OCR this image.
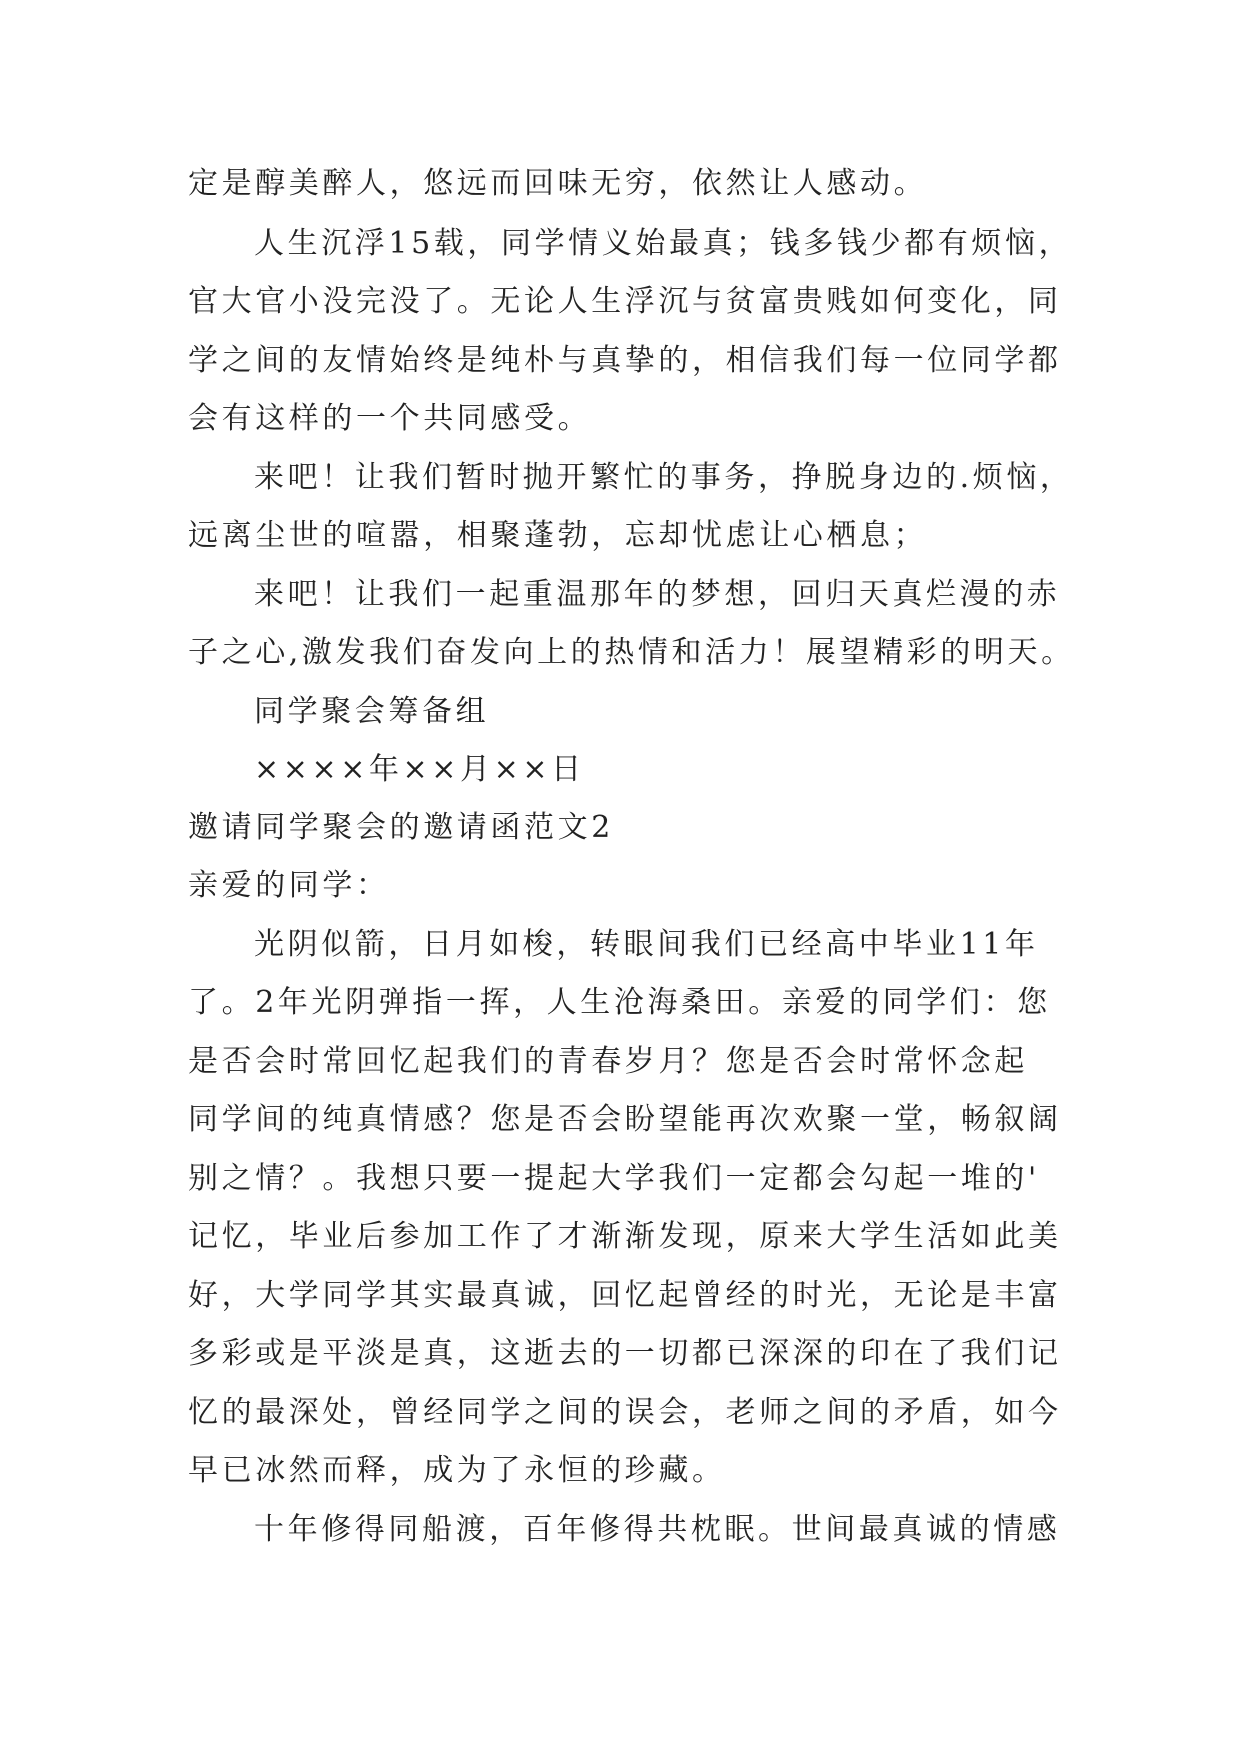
定是醇美醉人，悠远而回味无穷，依然让人感动。
人生沉浮15载，同学情义始最真；钱多钱少都有烦恼，
官大官小没完没了。无论人生浮沉与贫富贵贱如何变化，同
学之间的友情始终是纯朴与真挚的，相信我们每一位同学都
会有这样的一个共同感受。
来吧！让我们暂时抛开繁忙的事务，挣脱身边的.烦恼，
远离尘世的喧嚣，相聚蓬勃，忘却忧虑让心栖息；
来吧！让我们一起重温那年的梦想，回归天真烂漫的赤
子之心,激发我们奋发向上的热情和活力！展望精彩的明天。
同学聚会筹备组
××××年××月××日
邀请同学聚会的邀请函范文2
亲爱的同学：
光阴似箭，日月如梭，转眼间我们已经高中毕业11年
了。2年光阴弹指一挥，人生沧海桑田。亲爱的同学们：您
是否会时常回忆起我们的青春岁月？您是否会时常怀念起
同学间的纯真情感？您是否会盼望能再次欢聚一堂，畅叙阔
别之情？。我想只要一提起大学我们一定都会勾起一堆的'
记忆，毕业后参加工作了才渐渐发现，原来大学生活如此美
好，大学同学其实最真诚，回忆起曾经的时光，无论是丰富
多彩或是平淡是真，这逝去的一切都已深深的印在了我们记
忆的最深处，曾经同学之间的误会，老师之间的矛盾，如今
早已冰然而释，成为了永恒的珍藏。
十年修得同船渡，百年修得共枕眠。世间最真诚的情感
